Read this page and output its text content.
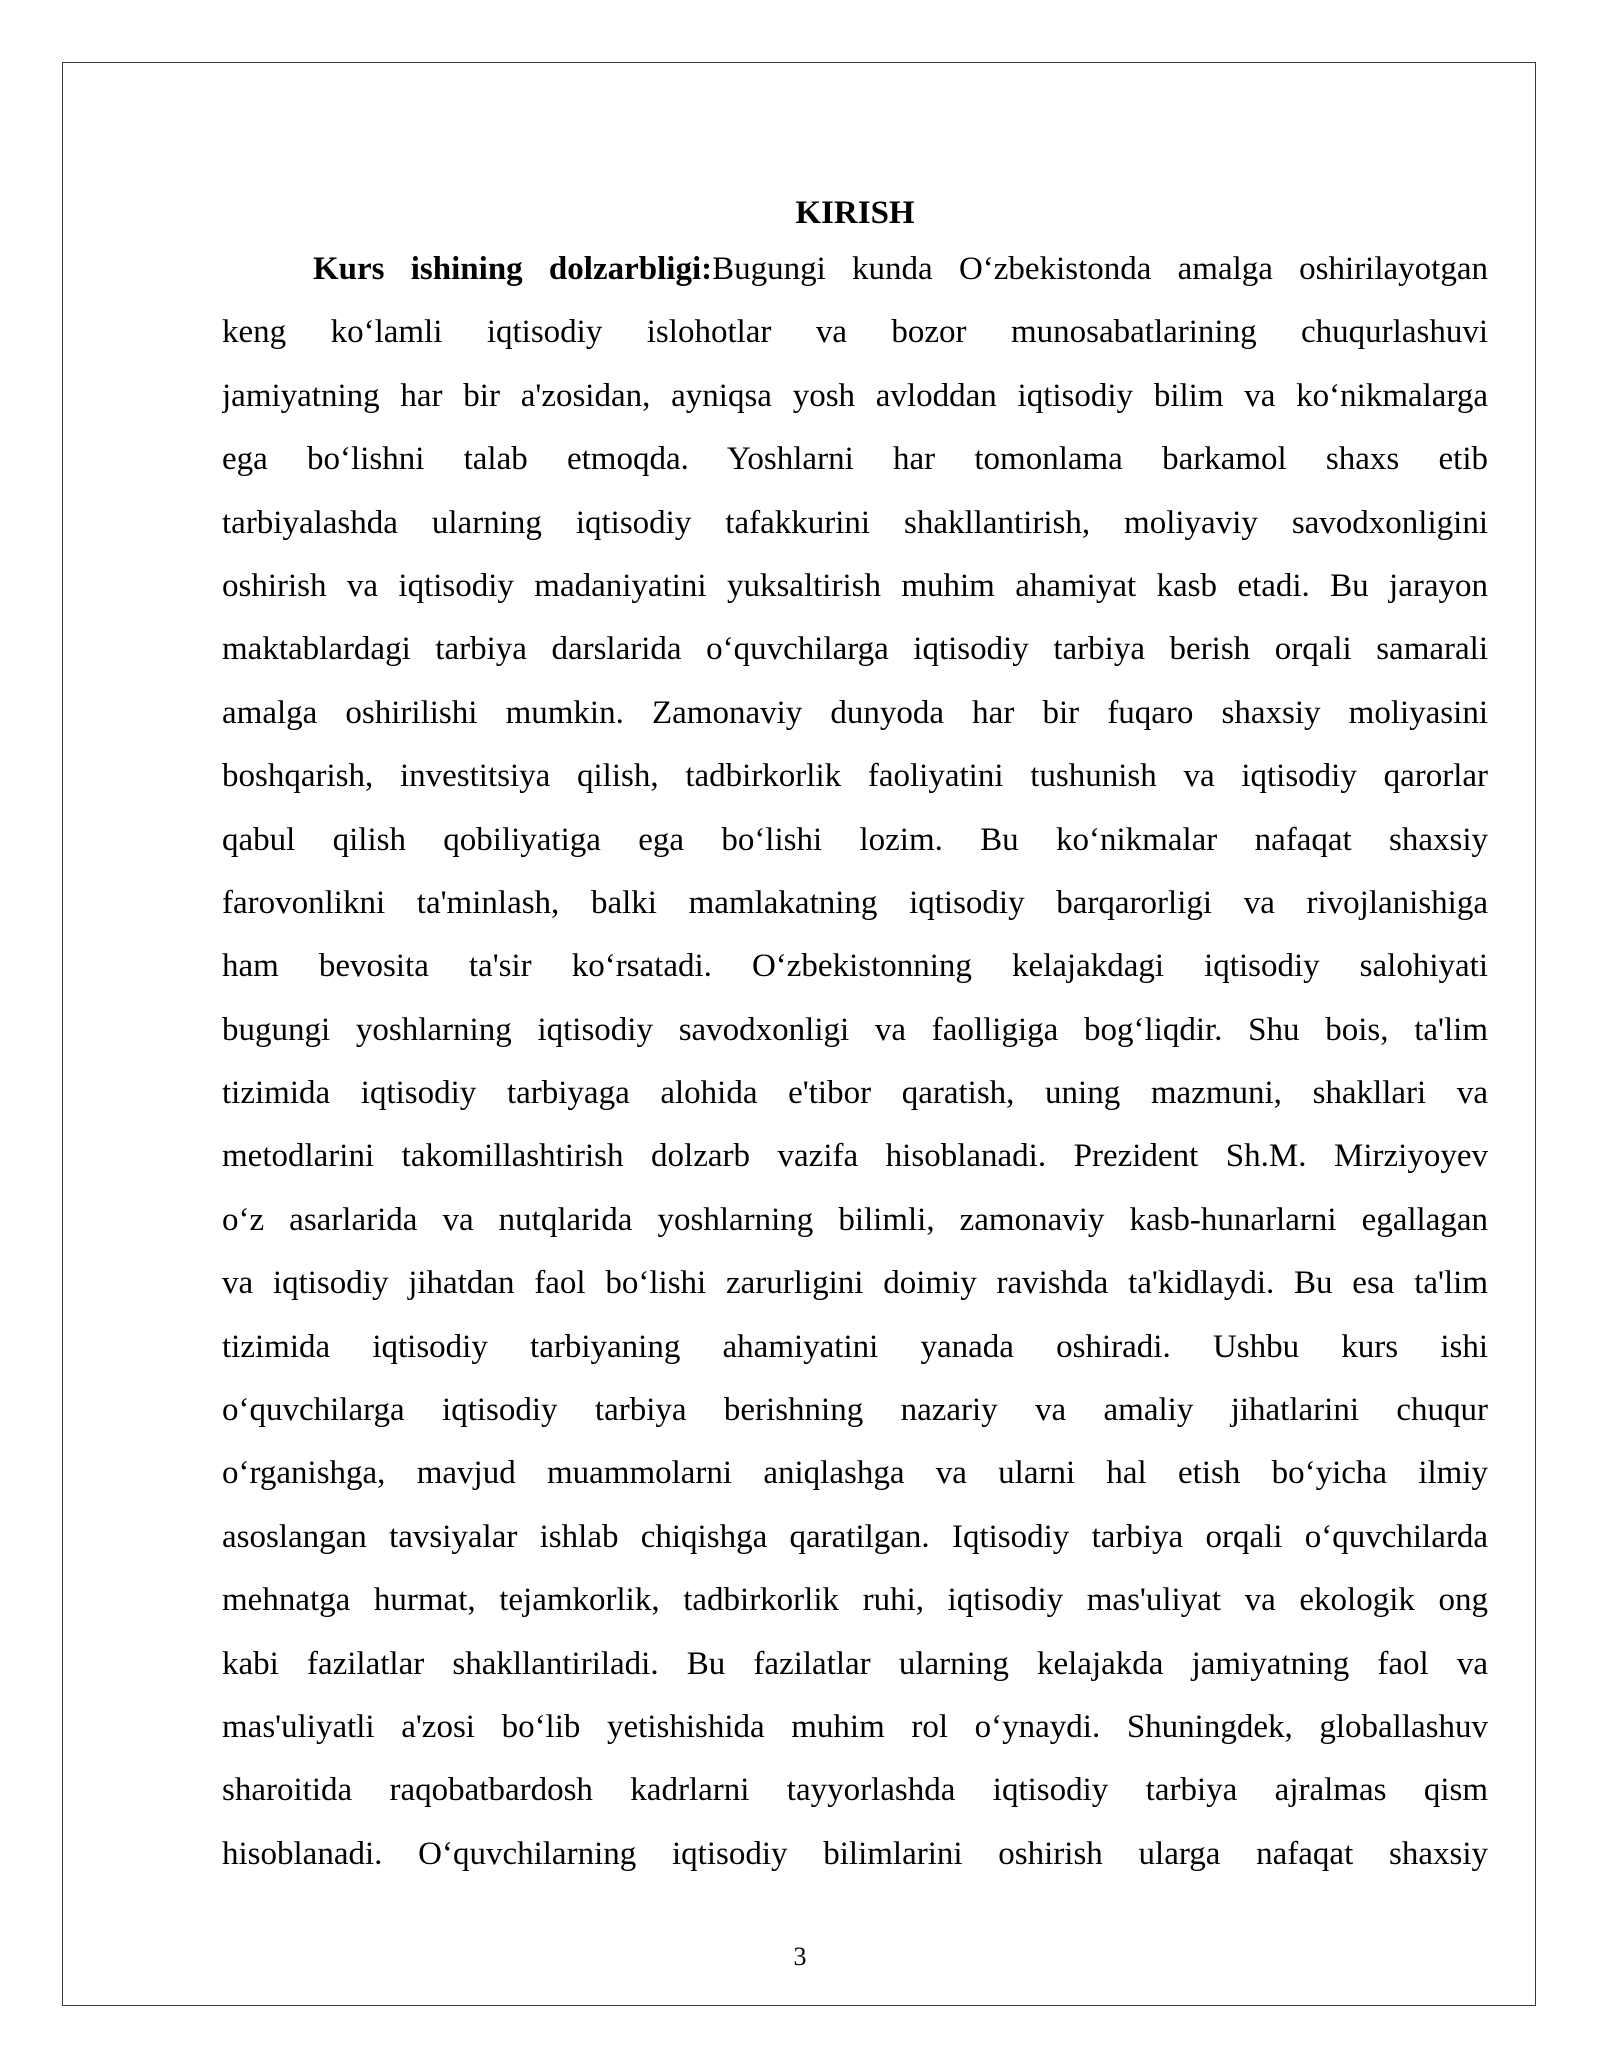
KIRISH
Kurs ishining dolzarbligi:Bugungi kunda O‘zbekistonda amalga oshirilayotgan
keng ko‘lamli iqtisodiy islohotlar va bozor munosabatlarining chuqurlashuvi
jamiyatning har bir a'zosidan, ayniqsa yosh avloddan iqtisodiy bilim va ko‘nikmalarga
ega bo‘lishni talab etmoqda. Yoshlarni har tomonlama barkamol shaxs etib
tarbiyalashda ularning iqtisodiy tafakkurini shakllantirish, moliyaviy savodxonligini
oshirish va iqtisodiy madaniyatini yuksaltirish muhim ahamiyat kasb etadi. Bu jarayon
maktablardagi tarbiya darslarida o‘quvchilarga iqtisodiy tarbiya berish orqali samarali
amalga oshirilishi mumkin. Zamonaviy dunyoda har bir fuqaro shaxsiy moliyasini
boshqarish, investitsiya qilish, tadbirkorlik faoliyatini tushunish va iqtisodiy qarorlar
qabul qilish qobiliyatiga ega bo‘lishi lozim. Bu ko‘nikmalar nafaqat shaxsiy
farovonlikni ta'minlash, balki mamlakatning iqtisodiy barqarorligi va rivojlanishiga
ham bevosita ta'sir ko‘rsatadi. O‘zbekistonning kelajakdagi iqtisodiy salohiyati
bugungi yoshlarning iqtisodiy savodxonligi va faolligiga bog‘liqdir. Shu bois, ta'lim
tizimida iqtisodiy tarbiyaga alohida e'tibor qaratish, uning mazmuni, shakllari va
metodlarini takomillashtirish dolzarb vazifa hisoblanadi. Prezident Sh.M. Mirziyoyev
o‘z asarlarida va nutqlarida yoshlarning bilimli, zamonaviy kasb-hunarlarni egallagan
va iqtisodiy jihatdan faol bo‘lishi zarurligini doimiy ravishda ta'kidlaydi. Bu esa ta'lim
tizimida iqtisodiy tarbiyaning ahamiyatini yanada oshiradi. Ushbu kurs ishi
o‘quvchilarga iqtisodiy tarbiya berishning nazariy va amaliy jihatlarini chuqur
o‘rganishga, mavjud muammolarni aniqlashga va ularni hal etish bo‘yicha ilmiy
asoslangan tavsiyalar ishlab chiqishga qaratilgan. Iqtisodiy tarbiya orqali o‘quvchilarda
mehnatga hurmat, tejamkorlik, tadbirkorlik ruhi, iqtisodiy mas'uliyat va ekologik ong
kabi fazilatlar shakllantiriladi. Bu fazilatlar ularning kelajakda jamiyatning faol va
mas'uliyatli a'zosi bo‘lib yetishishida muhim rol o‘ynaydi. Shuningdek, globallashuv
sharoitida raqobatbardosh kadrlarni tayyorlashda iqtisodiy tarbiya ajralmas qism
hisoblanadi. O‘quvchilarning iqtisodiy bilimlarini oshirish ularga nafaqat shaxsiy
3
